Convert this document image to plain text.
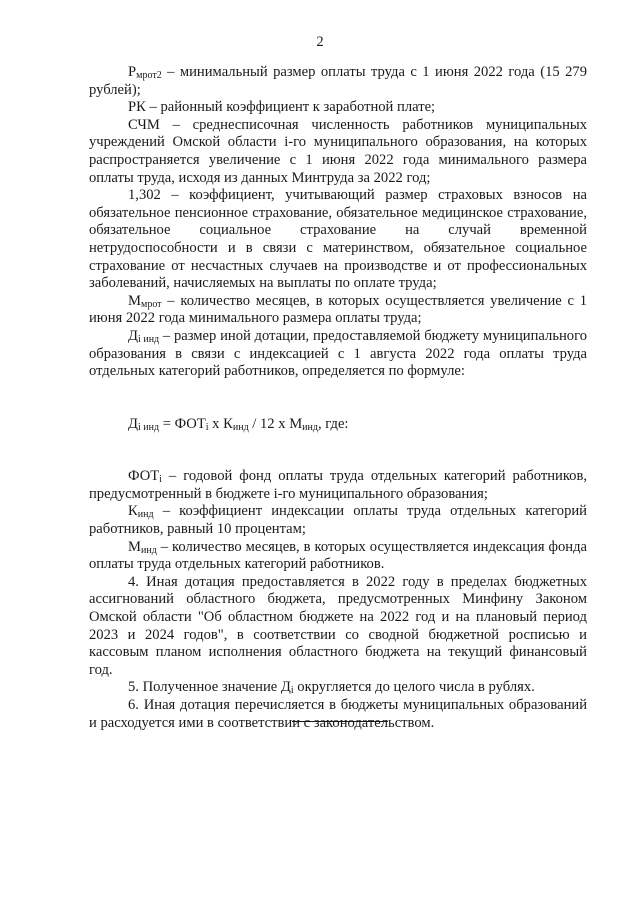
2

$Р_{мрот2}$ – минимальный размер оплаты труда с 1 июня 2022 года (15 279 рублей);

РК – районный коэффициент к заработной плате;

СЧМ – среднесписочная численность работников муниципальных учреждений Омской области i-го муниципального образования, на которых распространяется увеличение с 1 июня 2022 года минимального размера оплаты труда, исходя из данных Минтруда за 2022 год;

1,302 – коэффициент, учитывающий размер страховых взносов на обязательное пенсионное страхование, обязательное медицинское страхование, обязательное социальное страхование на случай временной нетрудоспособности и в связи с материнством, обязательное социальное страхование от несчастных случаев на производстве и от профессиональных заболеваний, начисляемых на выплаты по оплате труда;

$М_{мрот}$ – количество месяцев, в которых осуществляется увеличение с 1 июня 2022 года минимального размера оплаты труда;

$Д_{i инд}$ – размер иной дотации, предоставляемой бюджету муниципального образования в связи с индексацией с 1 августа 2022 года оплаты труда отдельных категорий работников, определяется по формуле:

$Д_{i инд} = ФОТ_i$ х $К_{инд} / 12$ х $М_{инд}$, где:

$ФОТ_i$ – годовой фонд оплаты труда отдельных категорий работников, предусмотренный в бюджете i-го муниципального образования;

$К_{инд}$ – коэффициент индексации оплаты труда отдельных категорий работников, равный 10 процентам;

$М_{инд}$ – количество месяцев, в которых осуществляется индексация фонда оплаты труда отдельных категорий работников.

4. Иная дотация предоставляется в 2022 году в пределах бюджетных ассигнований областного бюджета, предусмотренных Минфину Законом Омской области "Об областном бюджете на 2022 год и на плановый период 2023 и 2024 годов", в соответствии со сводной бюджетной росписью и кассовым планом исполнения областного бюджета на текущий финансовый год.

5. Полученное значение $Д_i$ округляется до целого числа в рублях.

6. Иная дотация перечисляется в бюджеты муниципальных образований и расходуется ими в соответствии с законодательством.
